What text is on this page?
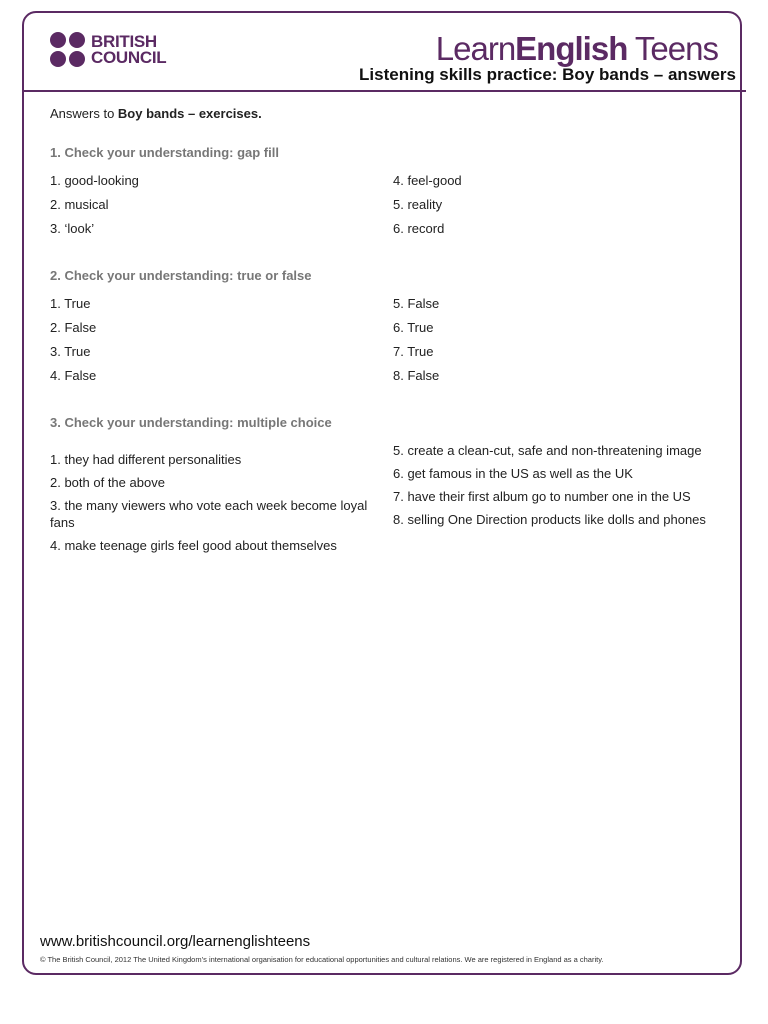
BRITISH
COUNCIL	LearnEnglish Teens
Listening skills practice: Boy bands – answers

Answers to Boy bands – exercises.

1. Check your understanding: gap fill
1. good-looking
2. musical
3. ‘look’
4. feel-good
5. reality
6. record
2. Check your understanding: true or false
1. True
2. False
3. True
4. False
5. False
6. True
7. True
8. False
3. Check your understanding: multiple choice
1. they had different personalities
2. both of the above
3. the many viewers who vote each week become loyal fans
4. make teenage girls feel good about themselves
5. create a clean-cut, safe and non-threatening image
6. get famous in the US as well as the UK
7. have their first album go to number one in the US
8. selling One Direction products like dolls and phones
www.britishcouncil.org/learnenglishteens
© The British Council, 2012 The United Kingdom’s international organisation for educational opportunities and cultural relations. We are registered in England as a charity.
